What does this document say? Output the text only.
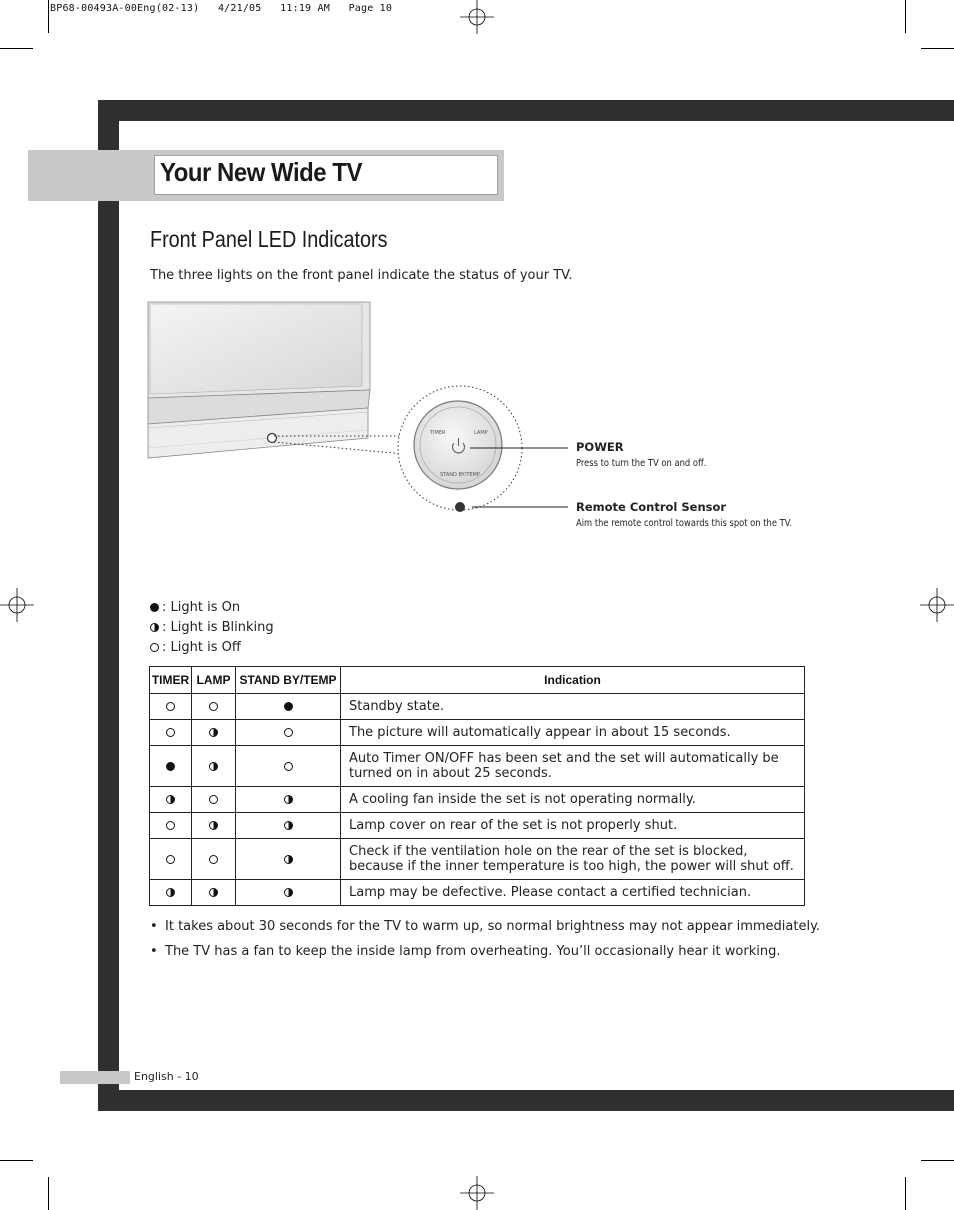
BP68-00493A-00Eng(02-13)   4/21/05   11:19 AM   Page 10
Your New Wide TV
Front Panel LED Indicators
The three lights on the front panel indicate the status of your TV.
TIMER	LAMP
STAND BY/TEMP
POWER
Press to turn the TV on and off.
Remote Control Sensor
Aim the remote control towards this spot on the TV.
: Light is On
: Light is Blinking
: Light is Off
TIMER	LAMP	STAND BY/TEMP	Indication
			Standby state.
			The picture will automatically appear in about 15 seconds.
			Auto Timer ON/OFF has been set and the set will automatically be turned on in about 25 seconds.
			A cooling fan inside the set is not operating normally.
			Lamp cover on rear of the set is not properly shut.
			Check if the ventilation hole on the rear of the set is blocked, because if the inner temperature is too high, the power will shut off.
			Lamp may be defective. Please contact a certified technician.
• It takes about 30 seconds for the TV to warm up, so normal brightness may not appear immediately.
• The TV has a fan to keep the inside lamp from overheating. You’ll occasionally hear it working.
English - 10
